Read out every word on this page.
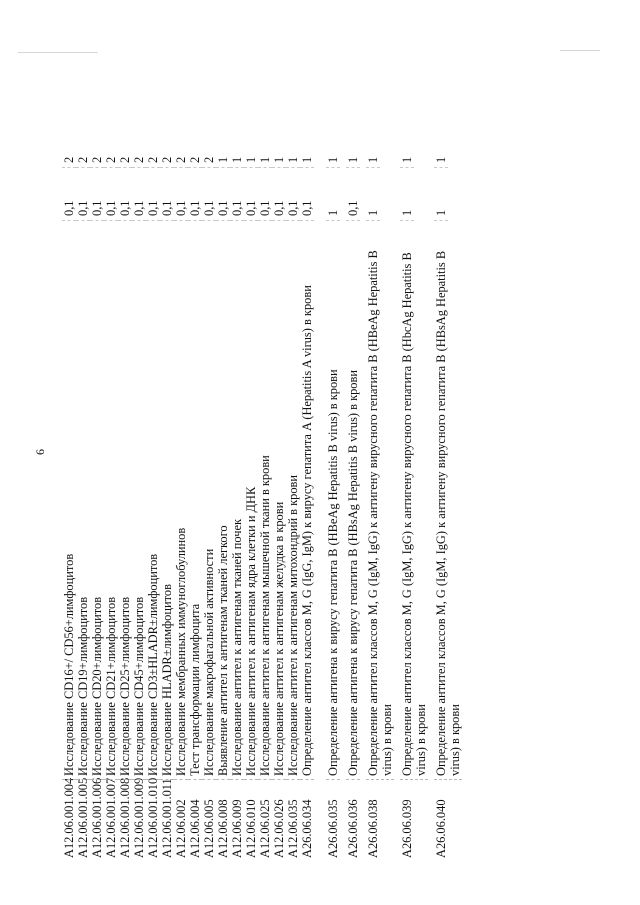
6
A12.06.001.004
Исследование CD16+/ CD56+лимфоцитов
0,1
2
A12.06.001.005
Исследование CD19+лимфоцитов
0,1
2
A12.06.001.006
Исследование CD20+лимфоцитов
0,1
2
A12.06.001.007
Исследование CD21+лимфоцитов
0,1
2
A12.06.001.008
Исследование CD25+лимфоцитов
0,1
2
A12.06.001.009
Исследование CD45+лимфоцитов
0,1
2
A12.06.001.010
Исследование CD3±HLADR±лимфоцитов
0,1
2
A12.06.001.011
Исследование HLADR±лимфоцитов
0,1
2
A12.06.002
Исследование мембранных иммуноглобулинов
0,1
2
A12.06.004
Тест трансформации лимфоцита
0,1
2
A12.06.005
Исследование макрофагальной активности
0,1
2
A12.06.008
Выявление антител к антигенам тканей легкого
0,1
1
A12.06.009
Исследование антител к антигенам тканей почек
0,1
1
A12.06.010
Исследование антител к антигенам ядра клетки и ДНК
0,1
1
A12.06.025
Исследование антител к антигенам мышечной ткани в крови
0,1
1
A12.06.026
Исследование антител к антигенам желудка в крови
0,1
1
A12.06.035
Исследование антител к антигенам митохондрий в крови
0,1
1
A26.06.034
Определение антител классов M, G (IgG, IgM) к вирусу гепатита A (Hepatitis A virus) в крови
0,1
1
A26.06.035
Определение антигена к вирусу гепатита B (HBeAg Hepatitis B virus) в крови
1
1
A26.06.036
Определение антигена к вирусу гепатита B (HBsAg Hepatitis B virus) в крови
0,1
1
A26.06.038
Определение антител классов M, G (IgM, IgG) к антигену вирусного гепатита B (HBeAg Hepatitis B virus) в крови
1
1
A26.06.039
Определение антител классов M, G (IgM, IgG) к антигену вирусного гепатита B (HbcAg Hepatitis B virus) в крови
1
1
A26.06.040
Определение антител классов M, G (IgM, IgG) к антигену вирусного гепатита B (HBsAg Hepatitis B virus) в крови
1
1
